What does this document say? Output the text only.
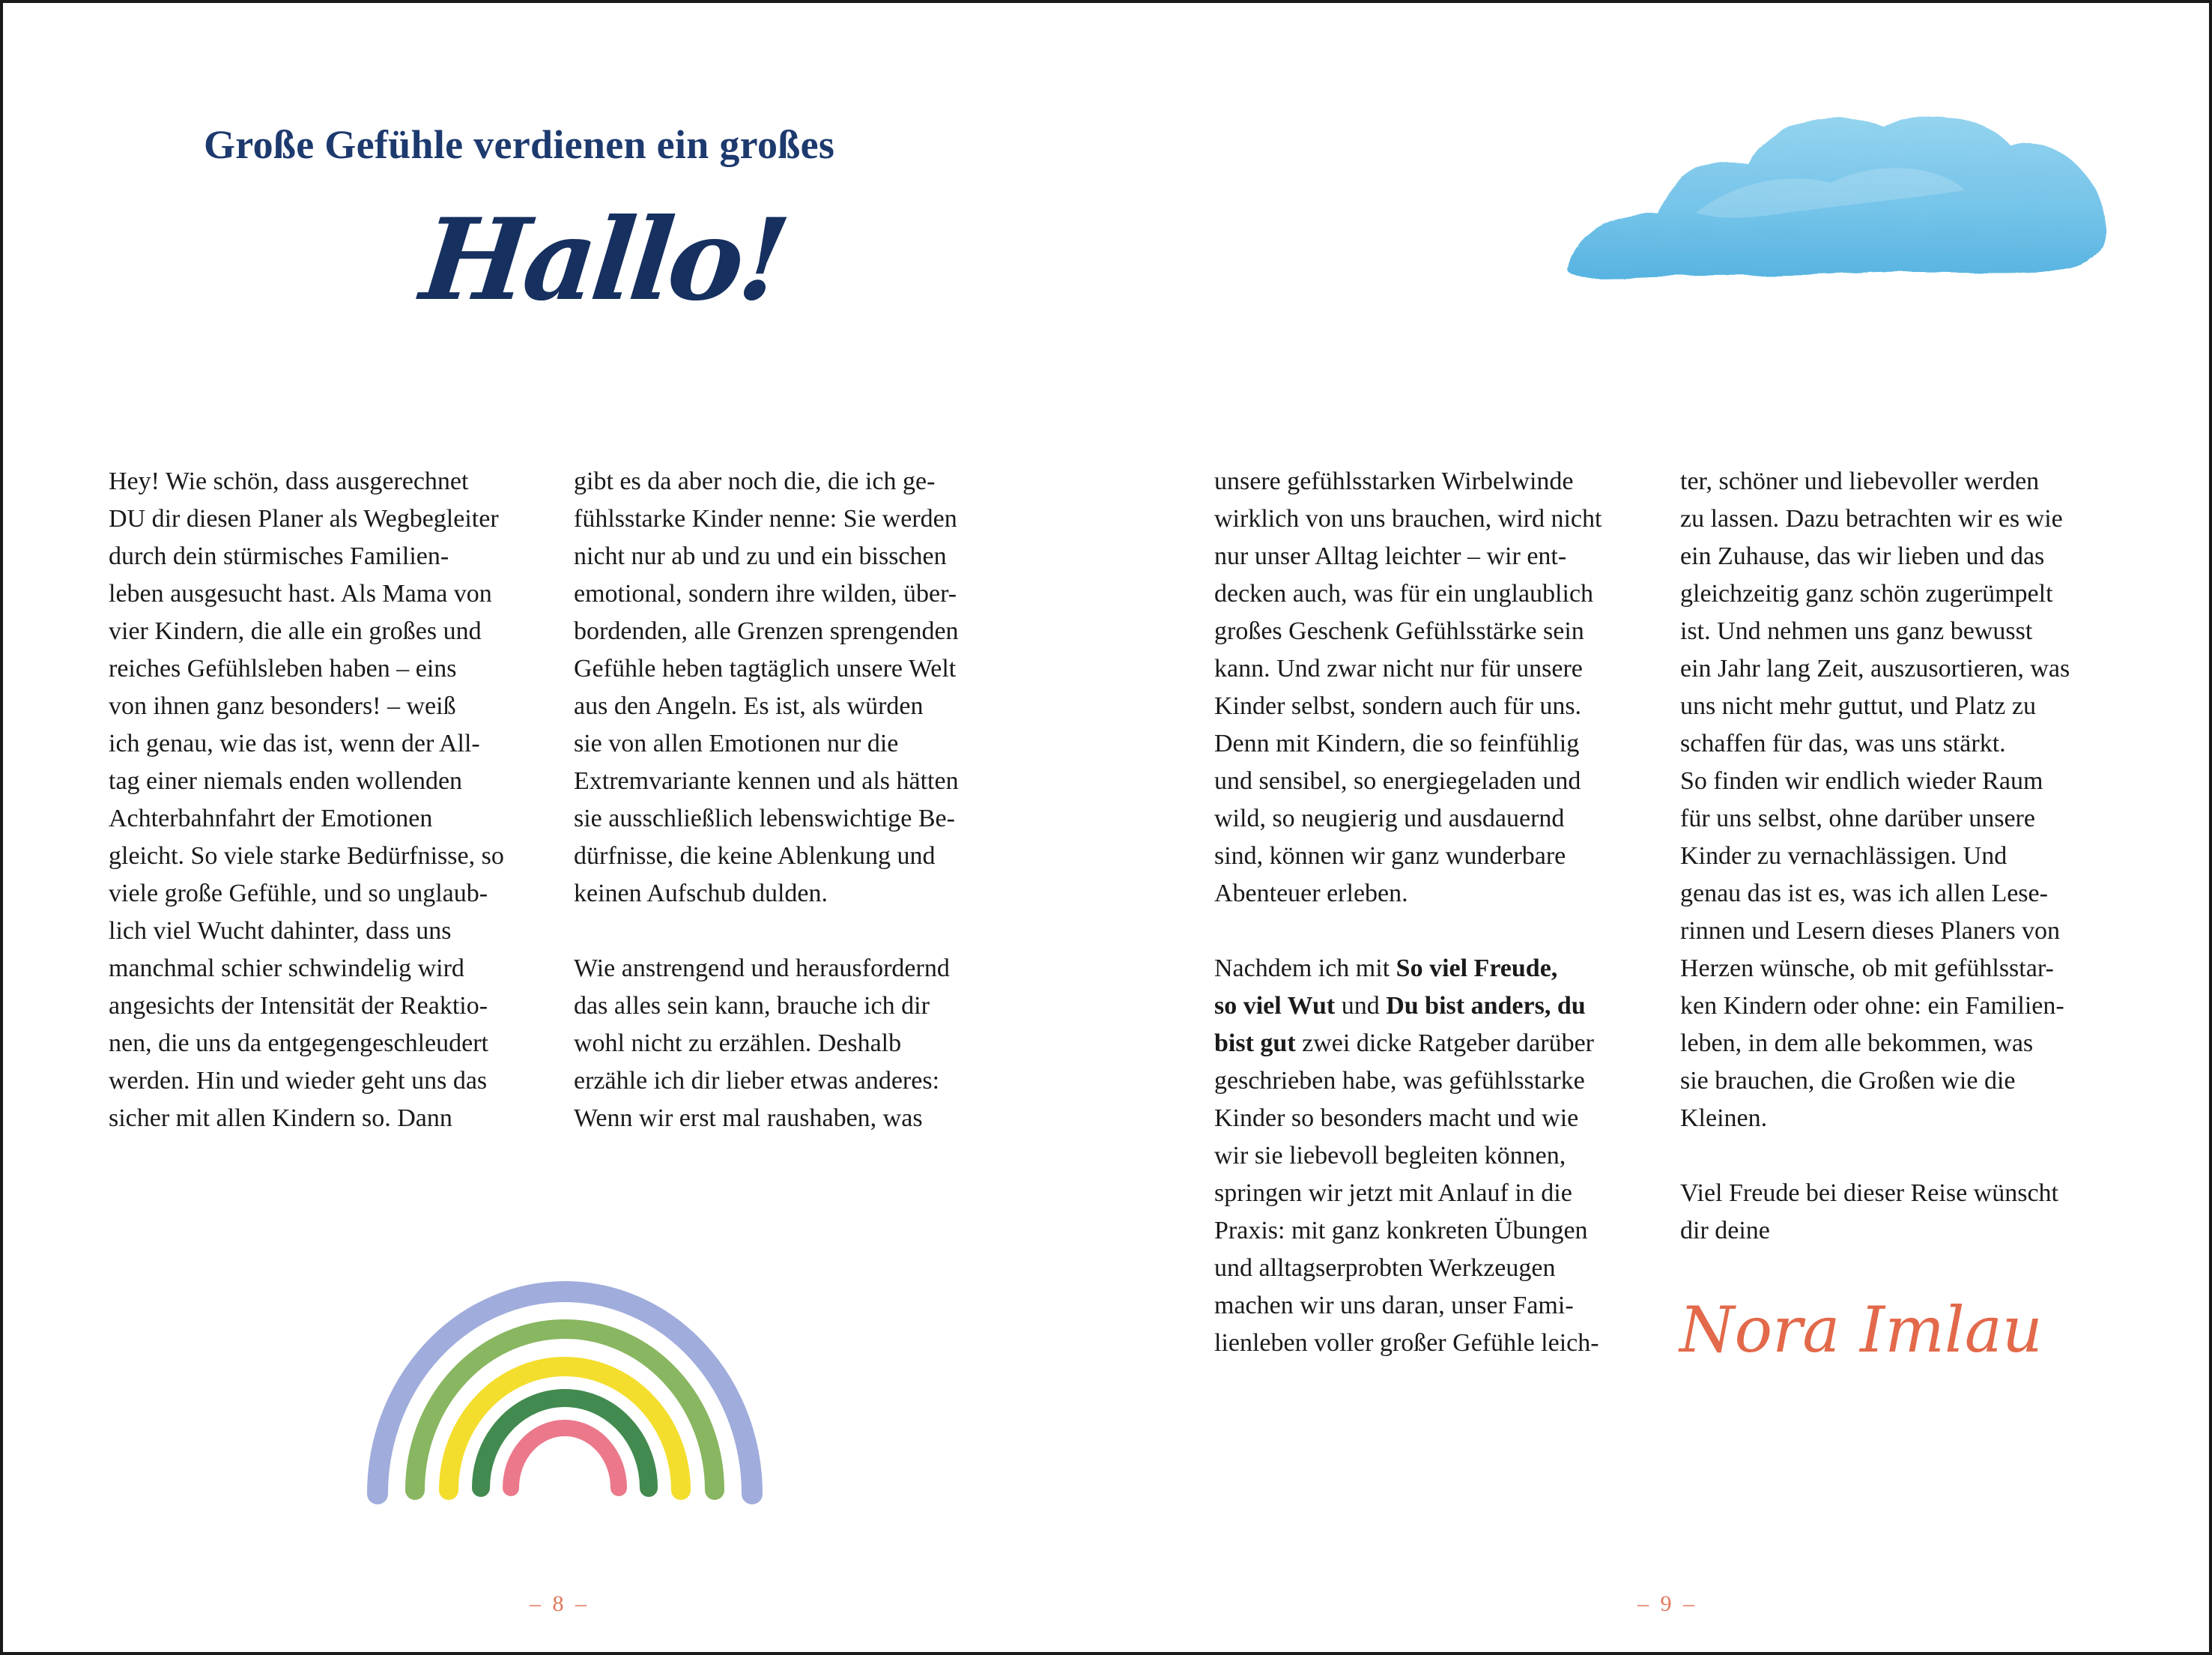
Große Gefühle verdienen ein großes
Hallo!

Hey! Wie schön, dass ausgerechnet
DU dir diesen Planer als Wegbegleiter
durch dein stürmisches Familien-
leben ausgesucht hast. Als Mama von
vier Kindern, die alle ein großes und
reiches Gefühlsleben haben – eins
von ihnen ganz besonders! – weiß
ich genau, wie das ist, wenn der All-
tag einer niemals enden wollenden
Achterbahnfahrt der Emotionen
gleicht. So viele starke Bedürfnisse, so
viele große Gefühle, und so unglaub-
lich viel Wucht dahinter, dass uns
manchmal schier schwindelig wird
angesichts der Intensität der Reaktio-
nen, die uns da entgegengeschleudert
werden. Hin und wieder geht uns das
sicher mit allen Kindern so. Dann

gibt es da aber noch die, die ich ge-
fühlsstarke Kinder nenne: Sie werden
nicht nur ab und zu und ein bisschen
emotional, sondern ihre wilden, über-
bordenden, alle Grenzen sprengenden
Gefühle heben tagtäglich unsere Welt
aus den Angeln. Es ist, als würden
sie von allen Emotionen nur die
Extremvariante kennen und als hätten
sie ausschließlich lebenswichtige Be-
dürfnisse, die keine Ablenkung und
keinen Aufschub dulden.

Wie anstrengend und herausfordernd
das alles sein kann, brauche ich dir
wohl nicht zu erzählen. Deshalb
erzähle ich dir lieber etwas anderes:
Wenn wir erst mal raushaben, was

unsere gefühlsstarken Wirbelwinde
wirklich von uns brauchen, wird nicht
nur unser Alltag leichter – wir ent-
decken auch, was für ein unglaublich
großes Geschenk Gefühlsstärke sein
kann. Und zwar nicht nur für unsere
Kinder selbst, sondern auch für uns.
Denn mit Kindern, die so feinfühlig
und sensibel, so energiegeladen und
wild, so neugierig und ausdauernd
sind, können wir ganz wunderbare
Abenteuer erleben.

Nachdem ich mit So viel Freude,
so viel Wut und Du bist anders, du
bist gut zwei dicke Ratgeber darüber
geschrieben habe, was gefühlsstarke
Kinder so besonders macht und wie
wir sie liebevoll begleiten können,
springen wir jetzt mit Anlauf in die
Praxis: mit ganz konkreten Übungen
und alltagserprobten Werkzeugen
machen wir uns daran, unser Fami-
lienleben voller großer Gefühle leich-

ter, schöner und liebevoller werden
zu lassen. Dazu betrachten wir es wie
ein Zuhause, das wir lieben und das
gleichzeitig ganz schön zugerümpelt
ist. Und nehmen uns ganz bewusst
ein Jahr lang Zeit, auszusortieren, was
uns nicht mehr guttut, und Platz zu
schaffen für das, was uns stärkt.
So finden wir endlich wieder Raum
für uns selbst, ohne darüber unsere
Kinder zu vernachlässigen. Und
genau das ist es, was ich allen Lese-
rinnen und Lesern dieses Planers von
Herzen wünsche, ob mit gefühlsstar-
ken Kindern oder ohne: ein Familien-
leben, in dem alle bekommen, was
sie brauchen, die Großen wie die
Kleinen.

Viel Freude bei dieser Reise wünscht
dir deine

Nora Imlau
– 8 –	– 9 –
